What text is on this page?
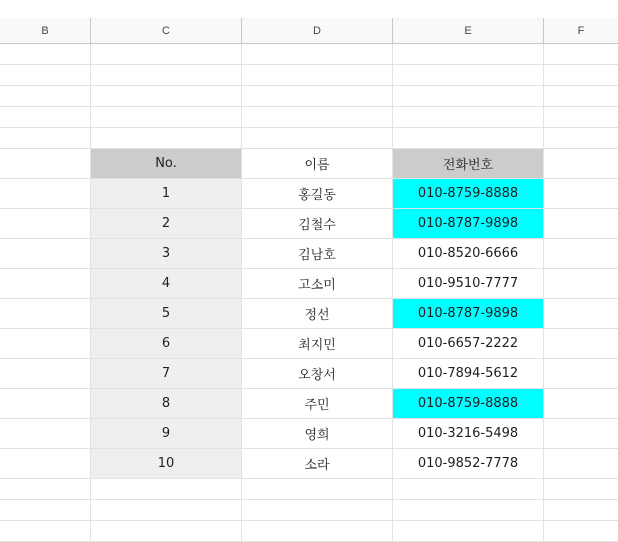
B	C	D	E	F
No.	이름	전화번호
1	홍길동	010-8759-8888
2	김철수	010-8787-9898
3	김남호	010-8520-6666
4	고소미	010-9510-7777
5	정선	010-8787-9898
6	최지민	010-6657-2222
7	오창서	010-7894-5612
8	주민	010-8759-8888
9	영희	010-3216-5498
10	소라	010-9852-7778
